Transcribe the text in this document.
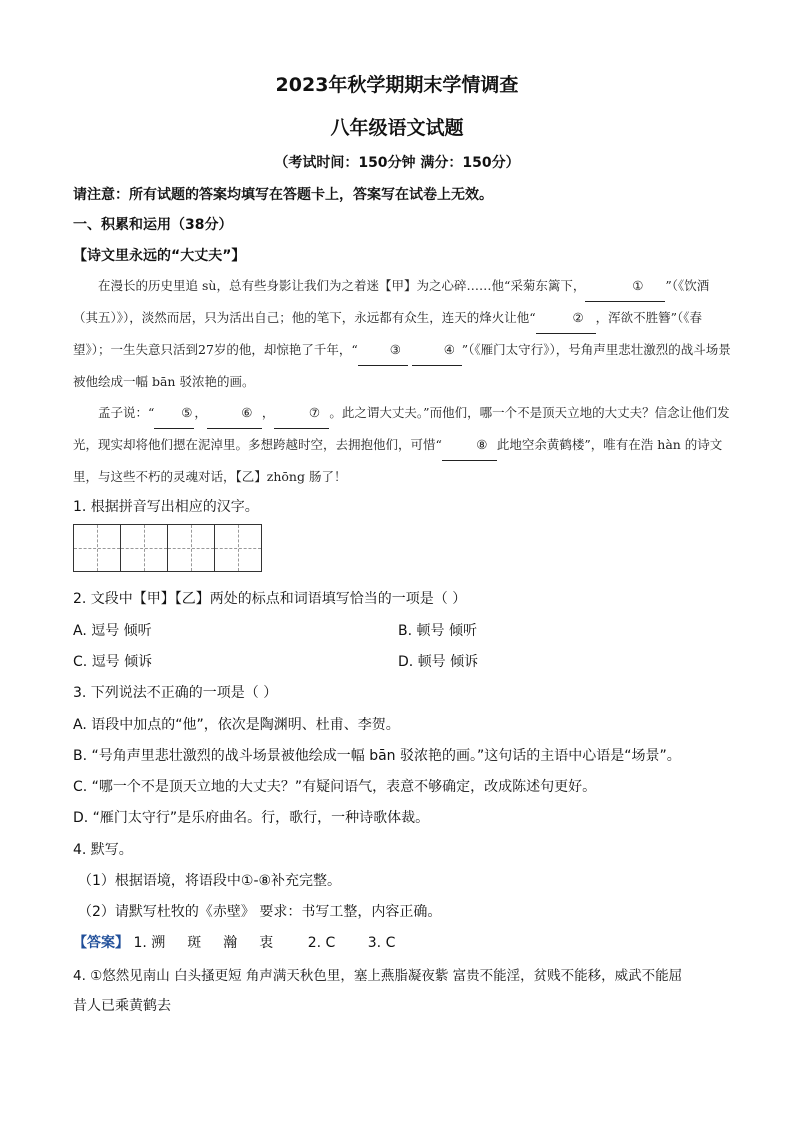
2023年秋学期期末学情调查
八年级语文试题
（考试时间：150分钟 满分：150分）
请注意：所有试题的答案均填写在答题卡上，答案写在试卷上无效。
一、积累和运用（38分）
【诗文里永远的“大丈夫”】

在漫长的历史里追 sù，总有些身影让我们为之着迷【甲】为之心碎……他“采菊东篱下，	① ”（《饮酒（其五）》），淡然而居，只为活出自己；他的笔下，永远都有众生，连天的烽火让他“	② ，浑欲不胜簪”（《春望》）；一生失意只活到27岁的他，却惊艳了千年，“	③	④ ”（《雁门太守行》），号角声里悲壮激烈的战斗场景被他绘成一幅 bān 驳浓艳的画。

孟子说：“ ⑤ ，	⑥ ，	⑦ 。此之谓大丈夫。”而他们，哪一个不是顶天立地的大丈夫？信念让他们发光，现实却将他们摁在泥淖里。多想跨越时空，去拥抱他们，可惜“	⑧ 此地空余黄鹤楼”，唯有在浩 hàn 的诗文里，与这些不朽的灵魂对话，【乙】zhōng 肠了！

1. 根据拼音写出相应的汉字。
2. 文段中【甲】【乙】两处的标点和词语填写恰当的一项是（ ）
A. 逗号 倾听	B. 顿号 倾听
C. 逗号 倾诉	D. 顿号 倾诉
3. 下列说法不正确的一项是（ ）
A. 语段中加点的“他”，依次是陶渊明、杜甫、李贺。
B. “号角声里悲壮激烈的战斗场景被他绘成一幅 bān 驳浓艳的画。”这句话的主语中心语是“场景”。
C. “哪一个不是顶天立地的大丈夫？”有疑问语气，表意不够确定，改成陈述句更好。
D. “雁门太守行”是乐府曲名。行，歌行，一种诗歌体裁。
4. 默写。
（1）根据语境，将语段中①-⑧补充完整。
（2）请默写杜牧的《赤壁》 要求：书写工整，内容正确。
【答案】 1. 溯 斑 瀚 衷 2. C 3. C
4. ①悠然见南山 白头搔更短 角声满天秋色里，塞上燕脂凝夜紫 富贵不能淫，贫贱不能移，威武不能屈
昔人已乘黄鹤去
